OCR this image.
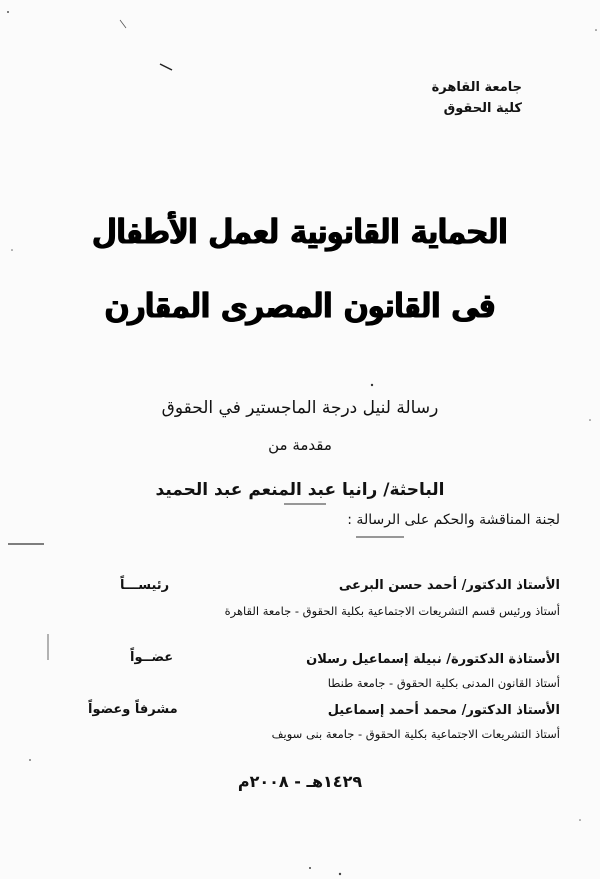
جامعة القاهرة
كلية الحقوق
الحماية القانونية لعمل الأطفال
فى القانون المصرى المقارن
رسالة لنيل درجة الماجستير في الحقوق
مقدمة من
الباحثة/ رانيا عبد المنعم عبد الحميد
لجنة المناقشة والحكم على الرسالة :
الأستاذ الدكتور/ أحمد حسن البرعى
رئيســـاً
أستاذ ورئيس قسم التشريعات الاجتماعية بكلية الحقوق - جامعة القاهرة
الأستاذة الدكتورة/ نبيلة إسماعيل رسلان
عضــواً
أستاذ القانون المدنى بكلية الحقوق - جامعة طنطا
الأستاذ الدكتور/ محمد أحمد إسماعيل
مشرفاً وعضواً
أستاذ التشريعات الاجتماعية بكلية الحقوق - جامعة بنى سويف
١٤٢٩هـ - ٢٠٠٨م
